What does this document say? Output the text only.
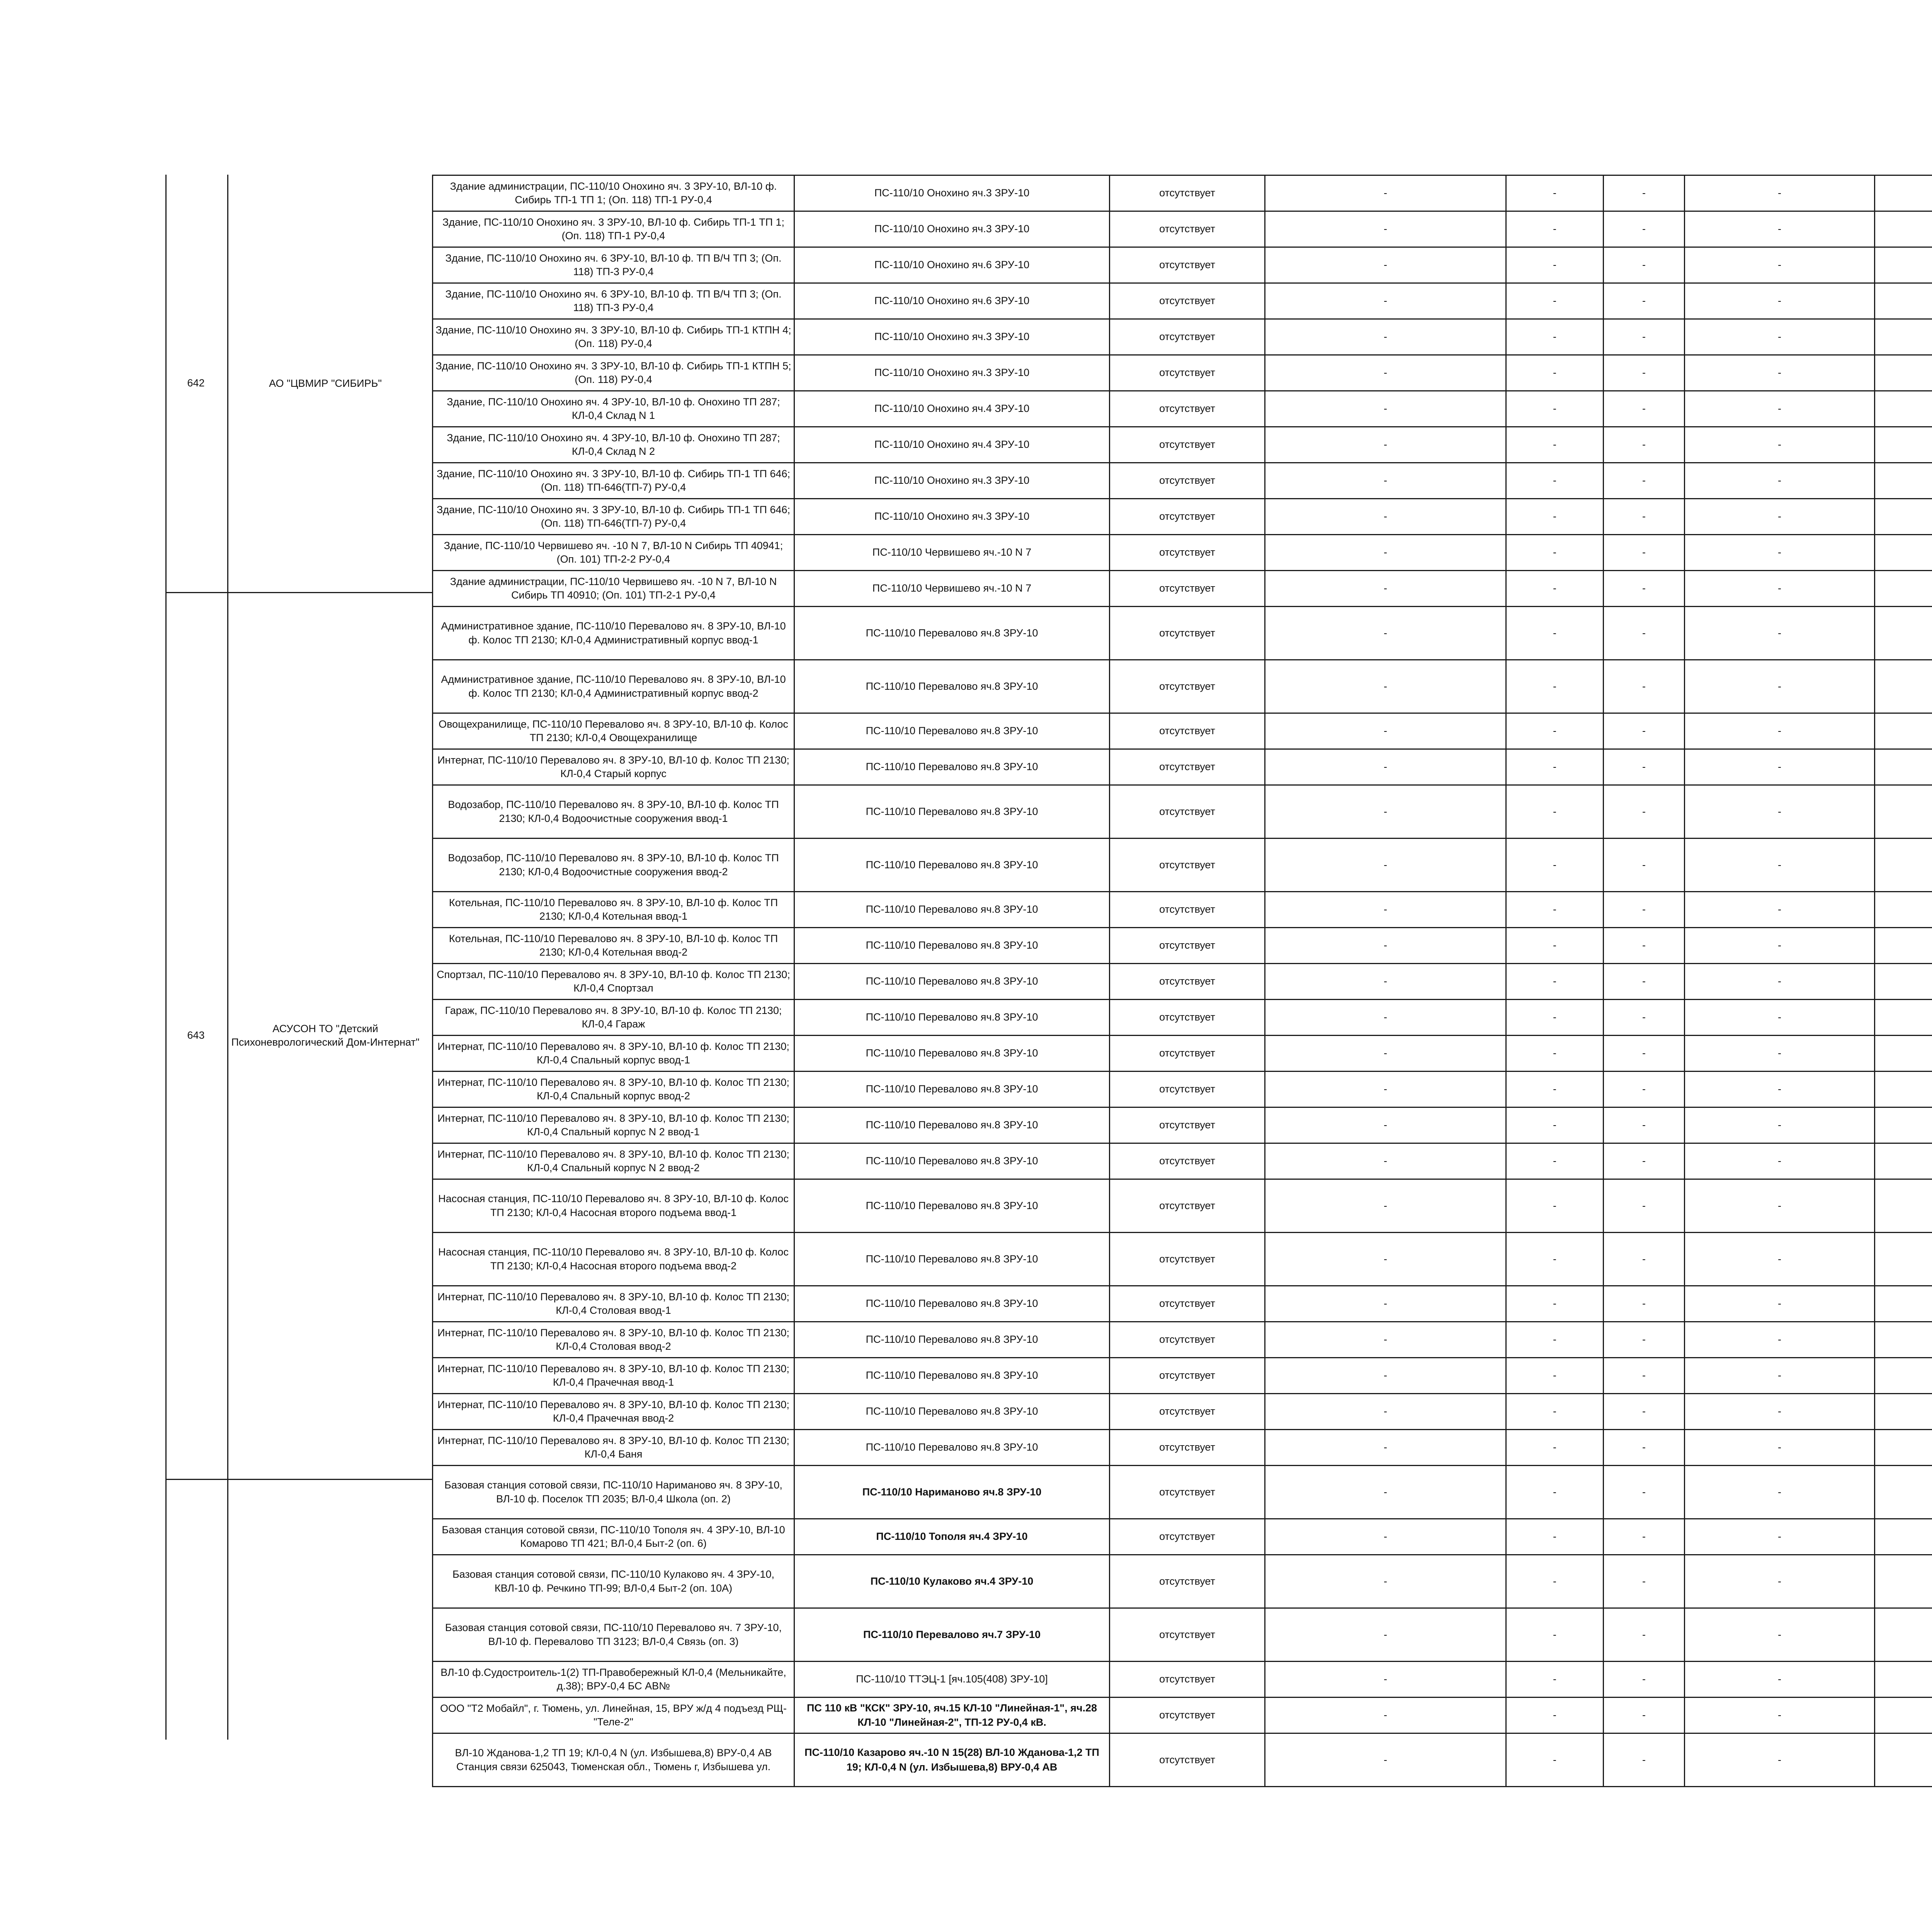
642	АО "ЦВМИР "СИБИРЬ"
643
АСУСОН ТО "Детский Психоневрологический Дом-Интернат"
Здание администрации, ПС-110/10 Онохино яч. 3 ЗРУ-10, ВЛ-10 ф. Сибирь ТП-1 ТП 1; (Оп. 118) ТП-1 РУ-0,4	ПС-110/10 Онохино яч.3 ЗРУ-10	отсутствует	-	-	-	-		
Здание, ПС-110/10 Онохино яч. 3 ЗРУ-10, ВЛ-10 ф. Сибирь ТП-1 ТП 1; (Оп. 118) ТП-1 РУ-0,4	ПС-110/10 Онохино яч.3 ЗРУ-10	отсутствует	-	-	-	-		
Здание, ПС-110/10 Онохино яч. 6 ЗРУ-10, ВЛ-10 ф. ТП В/Ч ТП 3; (Оп. 118) ТП-3 РУ-0,4	ПС-110/10 Онохино яч.6 ЗРУ-10	отсутствует	-	-	-	-		
Здание, ПС-110/10 Онохино яч. 6 ЗРУ-10, ВЛ-10 ф. ТП В/Ч ТП 3; (Оп. 118) ТП-3 РУ-0,4	ПС-110/10 Онохино яч.6 ЗРУ-10	отсутствует	-	-	-	-		
Здание, ПС-110/10 Онохино яч. 3 ЗРУ-10, ВЛ-10 ф. Сибирь ТП-1 КТПН 4; (Оп. 118) РУ-0,4	ПС-110/10 Онохино яч.3 ЗРУ-10	отсутствует	-	-	-	-		
Здание, ПС-110/10 Онохино яч. 3 ЗРУ-10, ВЛ-10 ф. Сибирь ТП-1 КТПН 5; (Оп. 118) РУ-0,4	ПС-110/10 Онохино яч.3 ЗРУ-10	отсутствует	-	-	-	-		
Здание, ПС-110/10 Онохино яч. 4 ЗРУ-10, ВЛ-10 ф. Онохино ТП 287; КЛ-0,4 Склад N 1	ПС-110/10 Онохино яч.4 ЗРУ-10	отсутствует	-	-	-	-		
Здание, ПС-110/10 Онохино яч. 4 ЗРУ-10, ВЛ-10 ф. Онохино ТП 287; КЛ-0,4 Склад N 2	ПС-110/10 Онохино яч.4 ЗРУ-10	отсутствует	-	-	-	-		
Здание, ПС-110/10 Онохино яч. 3 ЗРУ-10, ВЛ-10 ф. Сибирь ТП-1 ТП 646; (Оп. 118) ТП-646(ТП-7) РУ-0,4	ПС-110/10 Онохино яч.3 ЗРУ-10	отсутствует	-	-	-	-		
Здание, ПС-110/10 Онохино яч. 3 ЗРУ-10, ВЛ-10 ф. Сибирь ТП-1 ТП 646; (Оп. 118) ТП-646(ТП-7) РУ-0,4	ПС-110/10 Онохино яч.3 ЗРУ-10	отсутствует	-	-	-	-		
Здание, ПС-110/10 Червишево яч. -10 N 7, ВЛ-10 N Сибирь ТП 40941; (Оп. 101) ТП-2-2 РУ-0,4	ПС-110/10 Червишево яч.-10 N 7	отсутствует	-	-	-	-		
Здание администрации, ПС-110/10 Червишево яч. -10 N 7, ВЛ-10 N Сибирь ТП 40910; (Оп. 101) ТП-2-1 РУ-0,4	ПС-110/10 Червишево яч.-10 N 7	отсутствует	-	-	-	-		
Административное здание, ПС-110/10 Перевалово яч. 8 ЗРУ-10, ВЛ-10 ф. Колос ТП 2130; КЛ-0,4 Административный корпус ввод-1	ПС-110/10 Перевалово яч.8 ЗРУ-10	отсутствует	-	-	-	-		
Административное здание, ПС-110/10 Перевалово яч. 8 ЗРУ-10, ВЛ-10 ф. Колос ТП 2130; КЛ-0,4 Административный корпус ввод-2	ПС-110/10 Перевалово яч.8 ЗРУ-10	отсутствует	-	-	-	-		
Овощехранилище, ПС-110/10 Перевалово яч. 8 ЗРУ-10, ВЛ-10 ф. Колос ТП 2130; КЛ-0,4 Овощехранилище	ПС-110/10 Перевалово яч.8 ЗРУ-10	отсутствует	-	-	-	-		
Интернат, ПС-110/10 Перевалово яч. 8 ЗРУ-10, ВЛ-10 ф. Колос ТП 2130; КЛ-0,4 Старый корпус	ПС-110/10 Перевалово яч.8 ЗРУ-10	отсутствует	-	-	-	-		
Водозабор, ПС-110/10 Перевалово яч. 8 ЗРУ-10, ВЛ-10 ф. Колос ТП 2130; КЛ-0,4 Водоочистные сооружения ввод-1	ПС-110/10 Перевалово яч.8 ЗРУ-10	отсутствует	-	-	-	-		
Водозабор, ПС-110/10 Перевалово яч. 8 ЗРУ-10, ВЛ-10 ф. Колос ТП 2130; КЛ-0,4 Водоочистные сооружения ввод-2	ПС-110/10 Перевалово яч.8 ЗРУ-10	отсутствует	-	-	-	-		
Котельная, ПС-110/10 Перевалово яч. 8 ЗРУ-10, ВЛ-10 ф. Колос ТП 2130; КЛ-0,4 Котельная ввод-1	ПС-110/10 Перевалово яч.8 ЗРУ-10	отсутствует	-	-	-	-		
Котельная, ПС-110/10 Перевалово яч. 8 ЗРУ-10, ВЛ-10 ф. Колос ТП 2130; КЛ-0,4 Котельная ввод-2	ПС-110/10 Перевалово яч.8 ЗРУ-10	отсутствует	-	-	-	-		
Спортзал, ПС-110/10 Перевалово яч. 8 ЗРУ-10, ВЛ-10 ф. Колос ТП 2130; КЛ-0,4 Спортзал	ПС-110/10 Перевалово яч.8 ЗРУ-10	отсутствует	-	-	-	-		
Гараж, ПС-110/10 Перевалово яч. 8 ЗРУ-10, ВЛ-10 ф. Колос ТП 2130; КЛ-0,4 Гараж	ПС-110/10 Перевалово яч.8 ЗРУ-10	отсутствует	-	-	-	-		
Интернат, ПС-110/10 Перевалово яч. 8 ЗРУ-10, ВЛ-10 ф. Колос ТП 2130; КЛ-0,4 Спальный корпус ввод-1	ПС-110/10 Перевалово яч.8 ЗРУ-10	отсутствует	-	-	-	-		
Интернат, ПС-110/10 Перевалово яч. 8 ЗРУ-10, ВЛ-10 ф. Колос ТП 2130; КЛ-0,4 Спальный корпус ввод-2	ПС-110/10 Перевалово яч.8 ЗРУ-10	отсутствует	-	-	-	-		
Интернат, ПС-110/10 Перевалово яч. 8 ЗРУ-10, ВЛ-10 ф. Колос ТП 2130; КЛ-0,4 Спальный корпус N 2 ввод-1	ПС-110/10 Перевалово яч.8 ЗРУ-10	отсутствует	-	-	-	-		
Интернат, ПС-110/10 Перевалово яч. 8 ЗРУ-10, ВЛ-10 ф. Колос ТП 2130; КЛ-0,4 Спальный корпус N 2 ввод-2	ПС-110/10 Перевалово яч.8 ЗРУ-10	отсутствует	-	-	-	-		
Насосная станция, ПС-110/10 Перевалово яч. 8 ЗРУ-10, ВЛ-10 ф. Колос ТП 2130; КЛ-0,4 Насосная второго подъема ввод-1	ПС-110/10 Перевалово яч.8 ЗРУ-10	отсутствует	-	-	-	-		
Насосная станция, ПС-110/10 Перевалово яч. 8 ЗРУ-10, ВЛ-10 ф. Колос ТП 2130; КЛ-0,4 Насосная второго подъема ввод-2	ПС-110/10 Перевалово яч.8 ЗРУ-10	отсутствует	-	-	-	-		
Интернат, ПС-110/10 Перевалово яч. 8 ЗРУ-10, ВЛ-10 ф. Колос ТП 2130; КЛ-0,4 Столовая ввод-1	ПС-110/10 Перевалово яч.8 ЗРУ-10	отсутствует	-	-	-	-		
Интернат, ПС-110/10 Перевалово яч. 8 ЗРУ-10, ВЛ-10 ф. Колос ТП 2130; КЛ-0,4 Столовая ввод-2	ПС-110/10 Перевалово яч.8 ЗРУ-10	отсутствует	-	-	-	-		
Интернат, ПС-110/10 Перевалово яч. 8 ЗРУ-10, ВЛ-10 ф. Колос ТП 2130; КЛ-0,4 Прачечная ввод-1	ПС-110/10 Перевалово яч.8 ЗРУ-10	отсутствует	-	-	-	-		
Интернат, ПС-110/10 Перевалово яч. 8 ЗРУ-10, ВЛ-10 ф. Колос ТП 2130; КЛ-0,4 Прачечная ввод-2	ПС-110/10 Перевалово яч.8 ЗРУ-10	отсутствует	-	-	-	-		
Интернат, ПС-110/10 Перевалово яч. 8 ЗРУ-10, ВЛ-10 ф. Колос ТП 2130; КЛ-0,4 Баня	ПС-110/10 Перевалово яч.8 ЗРУ-10	отсутствует	-	-	-	-		
Базовая станция сотовой связи, ПС-110/10 Нариманово яч. 8 ЗРУ-10, ВЛ-10 ф. Поселок ТП 2035; ВЛ-0,4 Школа (оп. 2)	ПС-110/10 Нариманово яч.8 ЗРУ-10	отсутствует	-	-	-	-		
Базовая станция сотовой связи, ПС-110/10 Тополя яч. 4 ЗРУ-10, ВЛ-10 Комарово ТП 421; ВЛ-0,4 Быт-2 (оп. 6)	ПС-110/10 Тополя яч.4 ЗРУ-10	отсутствует	-	-	-	-		
Базовая станция сотовой связи, ПС-110/10 Кулаково яч. 4 ЗРУ-10, КВЛ-10 ф. Речкино ТП-99; ВЛ-0,4 Быт-2 (оп. 10А)	ПС-110/10 Кулаково яч.4 ЗРУ-10	отсутствует	-	-	-	-		
Базовая станция сотовой связи, ПС-110/10 Перевалово яч. 7 ЗРУ-10, ВЛ-10 ф. Перевалово ТП 3123; ВЛ-0,4 Связь (оп. 3)	ПС-110/10 Перевалово яч.7 ЗРУ-10	отсутствует	-	-	-	-		
ВЛ-10 ф.Судостроитель-1(2) ТП-Правобережный КЛ-0,4 (Мельникайте, д.38); ВРУ-0,4 БС АВ№	ПС-110/10 ТТЭЦ-1 [яч.105(408) ЗРУ-10]	отсутствует	-	-	-	-		
ООО "Т2 Мобайл", г. Тюмень, ул. Линейная, 15, ВРУ ж/д 4 подъезд РЩ- "Теле-2"	ПС 110 кВ "КСК" ЗРУ-10, яч.15 КЛ-10 "Линейная-1", яч.28 КЛ-10 "Линейная-2", ТП-12 РУ-0,4 кВ.	отсутствует	-	-	-	-		
ВЛ-10 Жданова-1,2 ТП 19; КЛ-0,4 N (ул. Избышева,8) ВРУ-0,4 АВ Станция связи 625043, Тюменская обл., Тюмень г, Избышева ул.	ПС-110/10 Казарово яч.-10 N 15(28) ВЛ-10 Жданова-1,2 ТП 19; КЛ-0,4 N (ул. Избышева,8) ВРУ-0,4 АВ	отсутствует	-	-	-	-		
